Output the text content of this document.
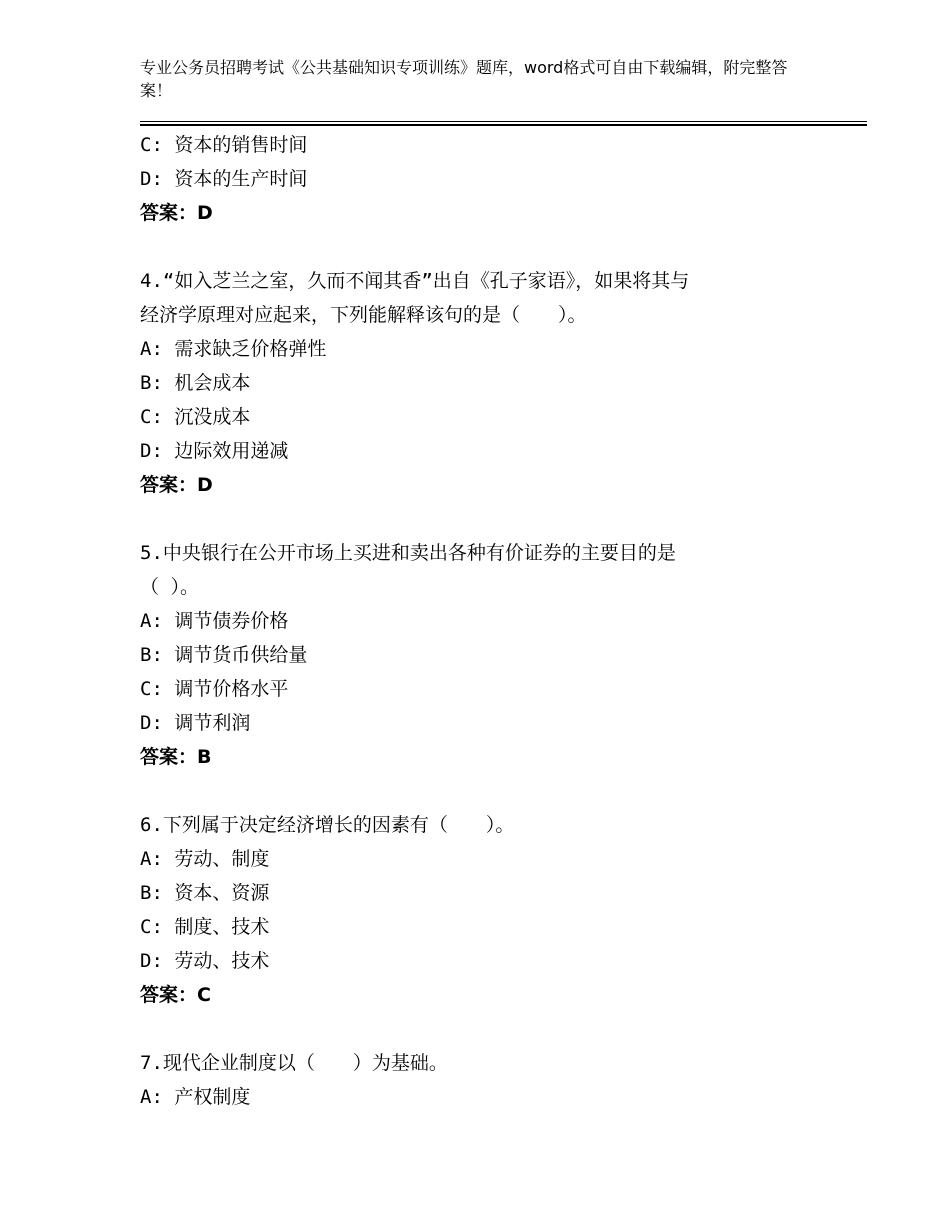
专业公务员招聘考试《公共基础知识专项训练》题库，word格式可自由下载编辑，附完整答案！
C: 资本的销售时间
D: 资本的生产时间
答案：D
4.“如入芝兰之室，久而不闻其香”出自《孔子家语》，如果将其与
经济学原理对应起来，下列能解释该句的是（　　）。
A: 需求缺乏价格弹性
B: 机会成本
C: 沉没成本
D: 边际效用递减
答案：D
5.中央银行在公开市场上买进和卖出各种有价证券的主要目的是
（ ）。
A: 调节债券价格
B: 调节货币供给量
C: 调节价格水平
D: 调节利润
答案：B
6.下列属于决定经济增长的因素有（　　）。
A: 劳动、制度
B: 资本、资源
C: 制度、技术
D: 劳动、技术
答案：C
7.现代企业制度以（　　）为基础。
A: 产权制度
